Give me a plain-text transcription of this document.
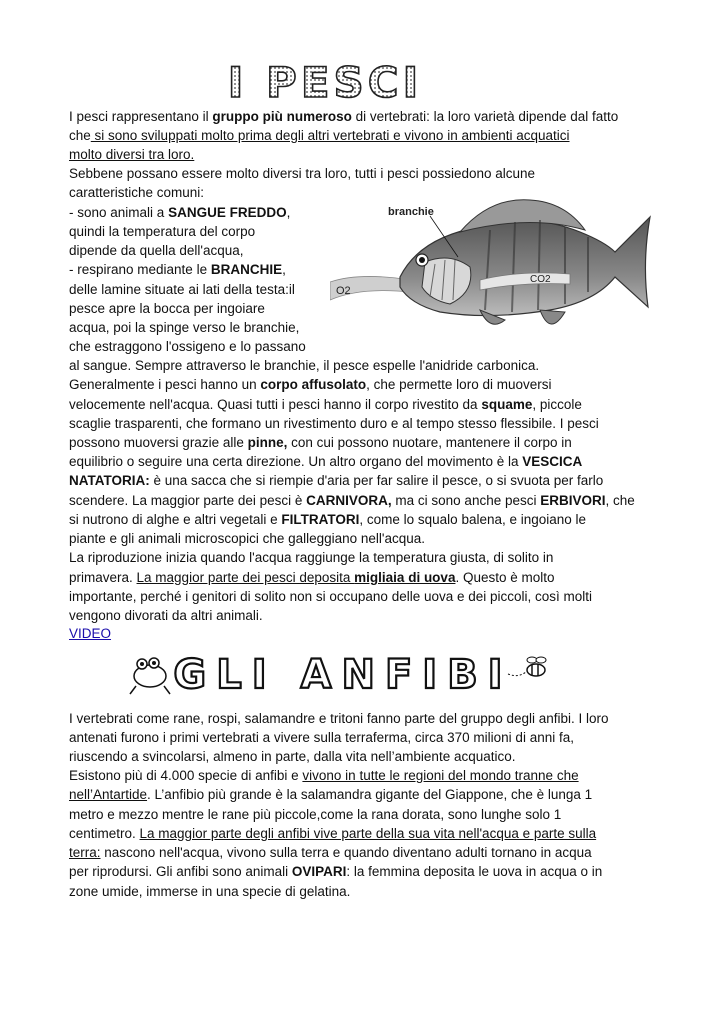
I PESCI
branchie
O2
CO2
I pesci rappresentano il gruppo più numeroso di vertebrati: la loro varietà dipende dal fatto
che si sono sviluppati molto prima degli altri vertebrati e vivono in ambienti acquatici
molto diversi tra loro.
Sebbene possano essere molto diversi tra loro, tutti i pesci possiedono alcune
caratteristiche comuni:
- sono animali a SANGUE FREDDO,
quindi la temperatura del corpo
dipende da quella dell'acqua,
- respirano mediante le BRANCHIE,
delle lamine situate ai lati della testa:il
pesce apre la bocca per ingoiare
acqua, poi la spinge verso le branchie,
che estraggono l'ossigeno e lo passano
al sangue. Sempre attraverso le branchie, il pesce espelle l'anidride carbonica.
Generalmente i pesci hanno un corpo affusolato, che permette loro di muoversi
velocemente nell'acqua. Quasi tutti i pesci hanno il corpo rivestito da squame, piccole
scaglie trasparenti, che formano un rivestimento duro e al tempo stesso flessibile. I pesci
possono muoversi grazie alle pinne, con cui possono nuotare, mantenere il corpo in
equilibrio o seguire una certa direzione. Un altro organo del movimento è la VESCICA
NATATORIA: è una sacca che si riempie d'aria per far salire il pesce, o si svuota per farlo
scendere. La maggior parte dei pesci è CARNIVORA, ma ci sono anche pesci ERBIVORI, che
si nutrono di alghe e altri vegetali e FILTRATORI, come lo squalo balena, e ingoiano le
piante e gli animali microscopici che galleggiano nell'acqua.
La riproduzione inizia quando l'acqua raggiunge la temperatura giusta, di solito in
primavera. La maggior parte dei pesci deposita migliaia di uova. Questo è molto
importante, perché i genitori di solito non si occupano delle uova e dei piccoli, così molti
vengono divorati da altri animali.
VIDEO
GLI ANFIBI
I vertebrati come rane, rospi, salamandre e tritoni fanno parte del gruppo degli anfibi. I loro
antenati furono i primi vertebrati a vivere sulla terraferma, circa 370 milioni di anni fa,
riuscendo a svincolarsi, almeno in parte, dalla vita nell’ambiente acquatico.
Esistono più di 4.000 specie di anfibi e vivono in tutte le regioni del mondo tranne che
nell’Antartide. L’anfibio più grande è la salamandra gigante del Giappone, che è lunga 1
metro e mezzo mentre le rane più piccole,come la rana dorata, sono lunghe solo 1
centimetro. La maggior parte degli anfibi vive parte della sua vita nell'acqua e parte sulla
terra: nascono nell'acqua, vivono sulla terra e quando diventano adulti tornano in acqua
per riprodursi. Gli anfibi sono animali OVIPARI: la femmina deposita le uova in acqua o in
zone umide, immerse in una specie di gelatina.
